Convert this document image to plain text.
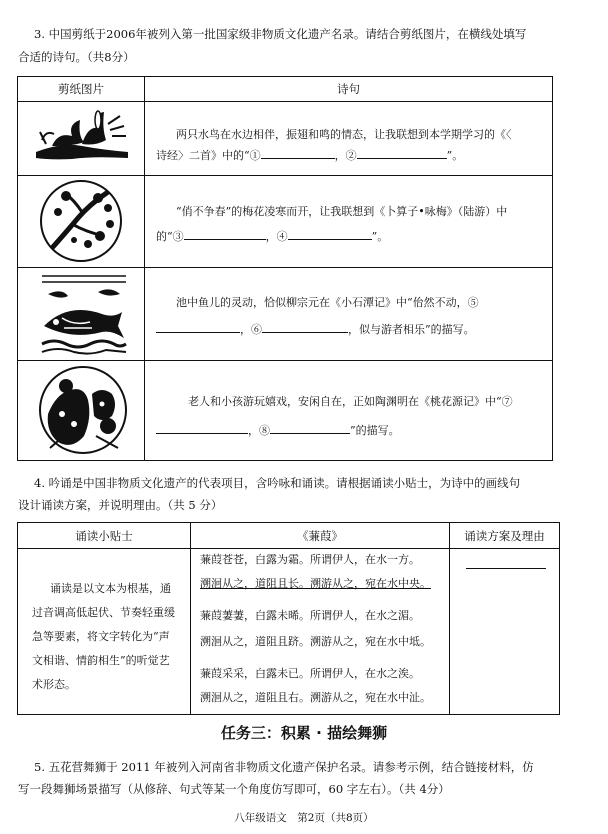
3. 中国剪纸于2006年被列入第一批国家级非物质文化遗产名录。请结合剪纸图片，在横线处填写
合适的诗句。（共8分）
剪纸图片	诗句

两只水鸟在水边相伴，振翅和鸣的情态，让我联想到本学期学习的《〈
诗经〉二首》中的“①	，②	”。
“俏不争春”的梅花凌寒而开，让我联想到《卜算子•咏梅》（陆游）中
的“③	，④	”。
池中鱼儿的灵动，恰似柳宗元在《小石潭记》中“佁然不动，⑤
，⑥	，似与游者相乐”的描写。
老人和小孩游玩嬉戏，安闲自在，正如陶渊明在《桃花源记》中“⑦
，⑧	”的描写。
4. 吟诵是中国非物质文化遗产的代表项目，含吟咏和诵读。请根据诵读小贴士，为诗中的画线句
设计诵读方案，并说明理由。（共 5 分）
诵读小贴士	《蒹葭》	诵读方案及理由

诵读是以文本为根基，通
过音调高低起伏、节奏轻重缓
急等要素，将文字转化为“声
文相谐、情韵相生”的听觉艺
术形态。
蒹葭苍苍，白露为霜。所谓伊人，在水一方。
溯洄从之，道阻且长。溯游从之，宛在水中央。
蒹葭萋萋，白露未晞。所谓伊人，在水之湄。
溯洄从之，道阻且跻。溯游从之，宛在水中坻。
蒹葭采采，白露未已。所谓伊人，在水之涘。
溯洄从之，道阻且右。溯游从之，宛在水中沚。
任务三：积累 · 描绘舞狮
5. 五花营舞狮于 2011 年被列入河南省非物质文化遗产保护名录。请参考示例，结合链接材料，仿
写一段舞狮场景描写（从修辞、句式等某一个角度仿写即可，60 字左右）。（共 4分）
八年级语文　第2页（共8页）
